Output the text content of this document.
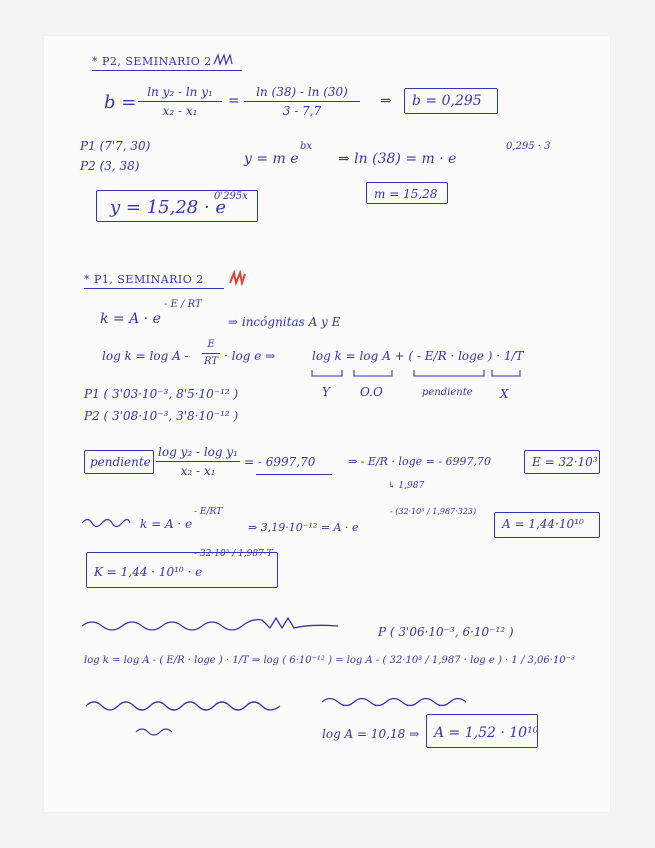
* P2, SEMINARIO 2
b = ln y₂ - ln y₁
x₂ - x₁
=
ln (38) - ln (30)
3 - 7,7
⇒ b = 0,295
P1 (7'7, 30)
P2 (3, 38)	y = m e
bx
⇒ ln (38) = m · e
0,295 · 3
m = 15,28
y = 15,28 · e
0'295x
* P1, SEMINARIO 2
k = A · e
- E / RT
⇒ incógnitas A y E
log k = log A -
E
RT · log e ⇒	log k = log A + ( - E/R · loge ) · 1/T
Y	O.O	pendiente X
P1 ( 3'03·10⁻³, 8'5·10⁻¹² )
P2 ( 3'08·10⁻³, 3'8·10⁻¹² )
pendiente
log y₂ - log y₁
x₂ - x₁
= - 6997,70	⇒ - E/R · loge = - 6997,70
↳ 1,987
E = 32·10³
k = A · e
- E/RT
⇒ 3,19·10⁻¹² = A · e
- (32·10³ / 1,987·323)
A = 1,44·10¹⁰
K = 1,44 · 10¹⁰ · e
- 32·10³ / 1,987·T
P ( 3'06·10⁻³, 6·10⁻¹² )
log k = log A - ( E/R · loge ) · 1/T ⇒ log ( 6·10⁻¹² ) = log A - ( 32·10³ / 1,987 · log e ) · 1 / 3,06·10⁻³
log A = 10,18 ⇒ A = 1,52 · 10¹⁰
